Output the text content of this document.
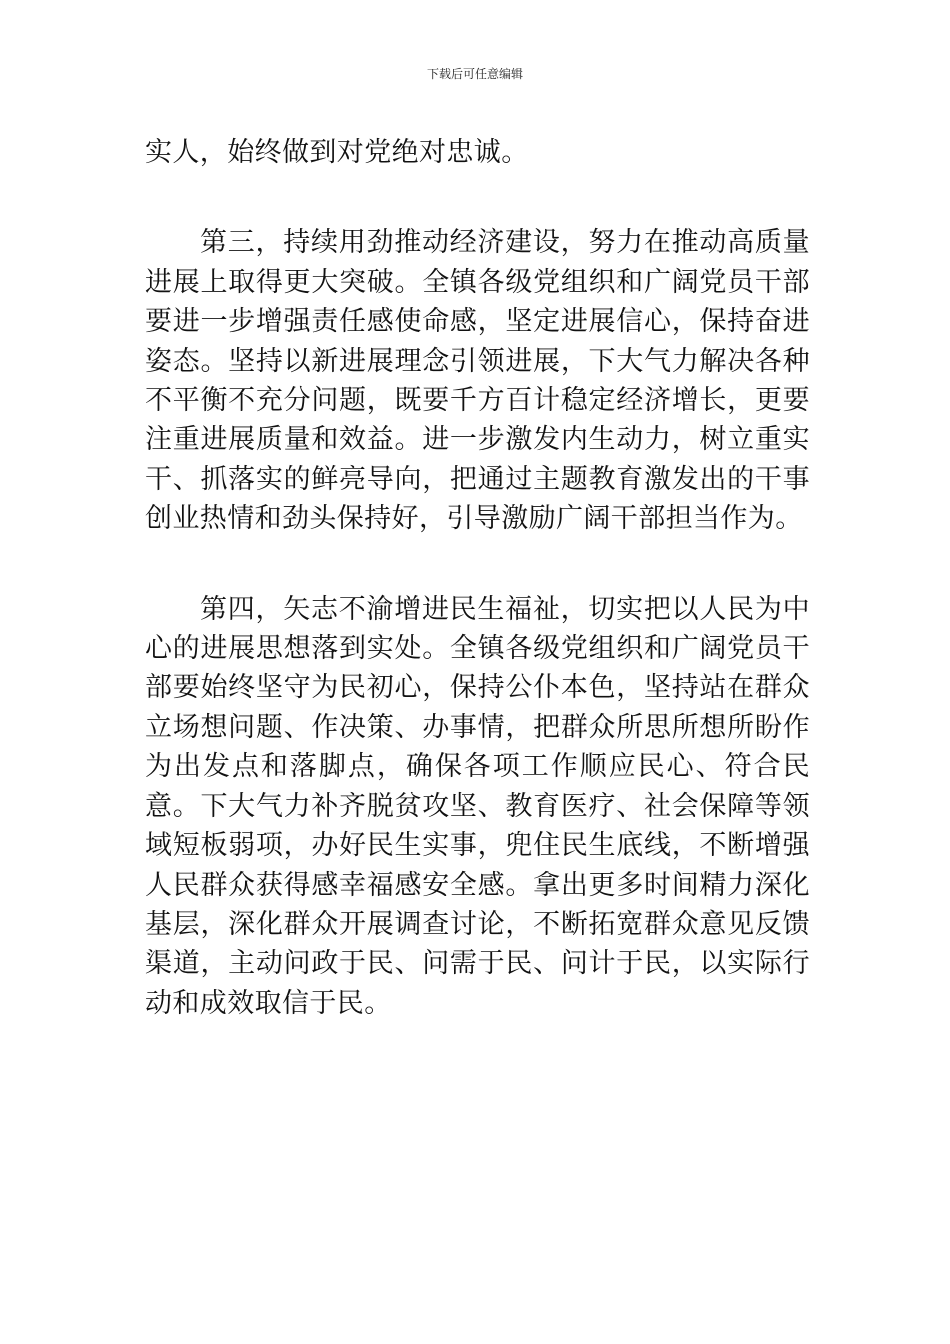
下载后可任意编辑

实人，始终做到对党绝对忠诚。

第三，持续用劲推动经济建设，努力在推动高质量进展上取得更大突破。全镇各级党组织和广阔党员干部要进一步增强责任感使命感，坚定进展信心，保持奋进姿态。坚持以新进展理念引领进展，下大气力解决各种不平衡不充分问题，既要千方百计稳定经济增长，更要注重进展质量和效益。进一步激发内生动力，树立重实干、抓落实的鲜亮导向，把通过主题教育激发出的干事创业热情和劲头保持好，引导激励广阔干部担当作为。

第四，矢志不渝增进民生福祉，切实把以人民为中心的进展思想落到实处。全镇各级党组织和广阔党员干部要始终坚守为民初心，保持公仆本色，坚持站在群众立场想问题、作决策、办事情，把群众所思所想所盼作为出发点和落脚点，确保各项工作顺应民心、符合民意。下大气力补齐脱贫攻坚、教育医疗、社会保障等领域短板弱项，办好民生实事，兜住民生底线，不断增强人民群众获得感幸福感安全感。拿出更多时间精力深化基层，深化群众开展调查讨论，不断拓宽群众意见反馈渠道，主动问政于民、问需于民、问计于民，以实际行动和成效取信于民。
